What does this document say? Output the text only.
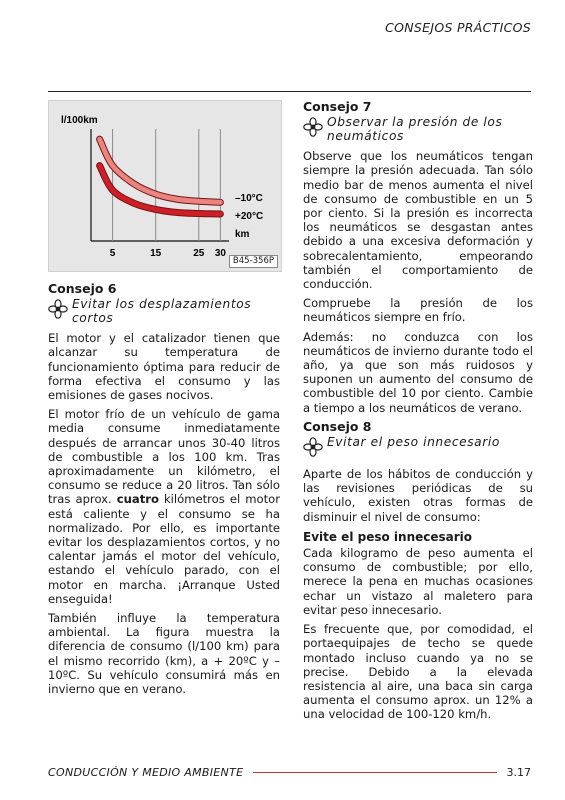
CONSEJOS PRÁCTICOS
l/100km
5	15	25 30
–10°C
+20°C
km
B45-356P
Consejo 6
Evitar los desplazamientos cortos

El motor y el catalizador tienen que alcanzar su temperatura de funcionamiento óptima para reducir de forma efectiva el consumo y las emisiones de gases nocivos.

El motor frío de un vehículo de gama media consume inmediatamente después de arrancar unos 30-40 litros de combustible a los 100 km. Tras aproximadamente un kilómetro, el consumo se reduce a 20 litros. Tan sólo tras aprox. cuatro kilómetros el motor está caliente y el consumo se ha normalizado. Por ello, es importante evitar los desplazamientos cortos, y no calentar jamás el motor del vehículo, estando el vehículo parado, con el motor en marcha. ¡Arranque Usted enseguida!

También influye la temperatura ambiental. La figura muestra la diferencia de consumo (l/100 km) para el mismo recorrido (km), a + 20ºC y –10ºC. Su vehículo consumirá más en invierno que en verano.

Consejo 7
Observar la presión de los neumáticos

Observe que los neumáticos tengan siempre la presión adecuada. Tan sólo medio bar de menos aumenta el nivel de consumo de combustible en un 5 por ciento. Si la presión es incorrecta los neumáticos se desgastan antes debido a una excesiva deformación y sobrecalentamiento, empeorando también el comportamiento de conducción.

Compruebe la presión de los neumáticos siempre en frío.

Además: no conduzca con los neumáticos de invierno durante todo el año, ya que son más ruidosos y suponen un aumento del consumo de combustible del 10 por ciento. Cambie a tiempo a los neumáticos de verano.

Consejo 8
Evitar el peso innecesario

Aparte de los hábitos de conducción y las revisiones periódicas de su vehículo, existen otras formas de disminuir el nivel de consumo:

Evite el peso innecesario

Cada kilogramo de peso aumenta el consumo de combustible; por ello, merece la pena en muchas ocasiones echar un vistazo al maletero para evitar peso innecesario.

Es frecuente que, por comodidad, el portaequipajes de techo se quede montado incluso cuando ya no se precise. Debido a la elevada resistencia al aire, una baca sin carga aumenta el consumo aprox. un 12% a una velocidad de 100-120 km/h.

CONDUCCIÓN Y MEDIO AMBIENTE	3.17
